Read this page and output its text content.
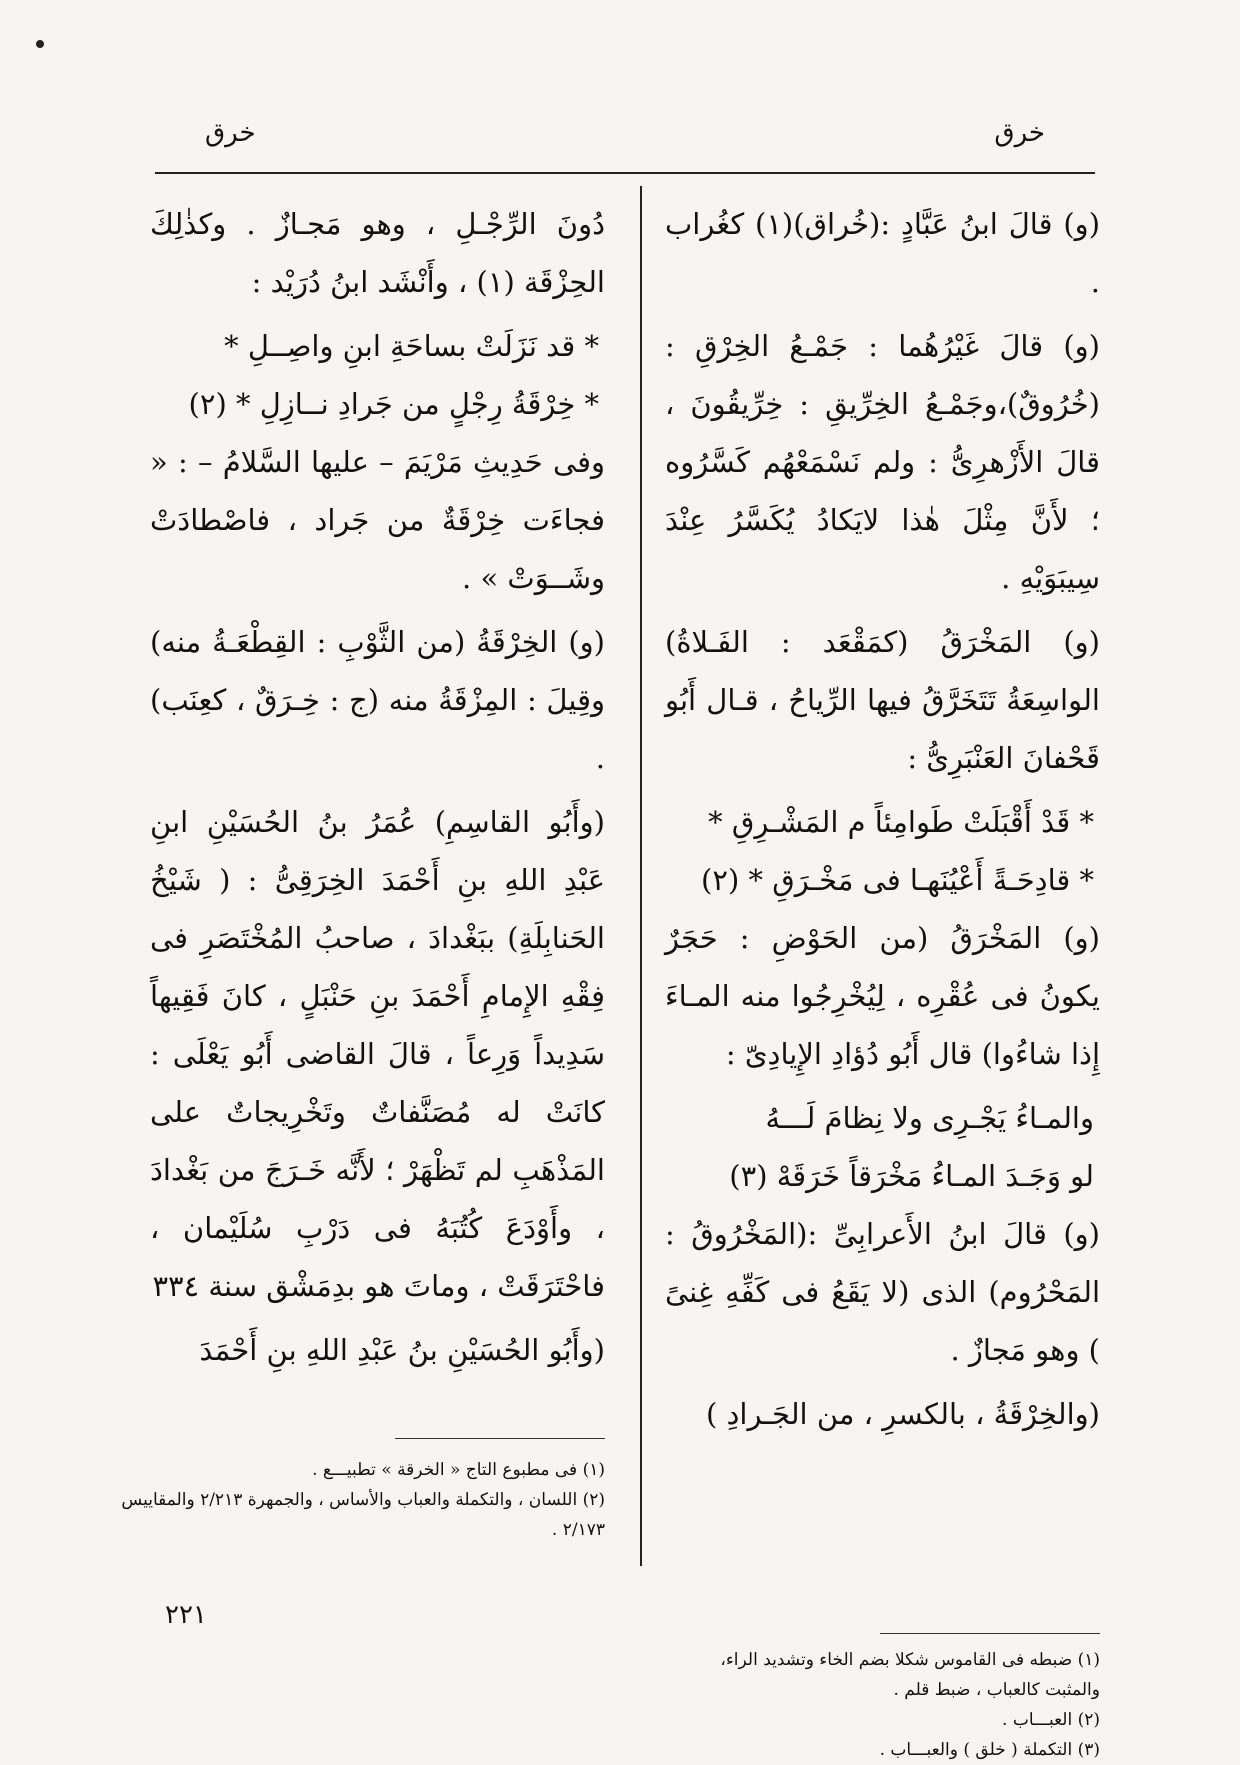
خرق
خرق

(و) قالَ ابنُ عَبَّادٍ :(خُراق)(١) كغُراب .

(و) قالَ غَيْرُهُما : جَمْـعُ الخِرْقِ : (خُرُوقٌ)،وجَمْـعُ الخِرِّيقِ : خِرِّيقُونَ ، قالَ الأَزْهرِىُّ : ولم نَسْمَعْهُم كَسَّرُوه ؛ لأَنَّ مِثْلَ هٰذا لايَكادُ يُكَسَّرُ عِنْدَ سِيبَوَيْهِ .

(و) المَخْرَقُ (كمَقْعَد : الفَـلاةُ) الواسِعَةُ تَتَخَرَّقُ فيها الرِّياحُ ، قـال أَبُو قَحْفانَ العَنْبَرِىُّ :

* قَدْ أَقْبَلَتْ طَوامِئاً م المَشْـرِقِ *
* قادِحَـةً أَعْيُنَهـا فى مَخْـرَقِ * (٢)

(و) المَخْرَقُ (من الحَوْضِ : حَجَرٌ يكونُ فى عُقْرِه ، لِيُخْرِجُوا منه المـاءَ إِذا شاءُوا) قال أَبُو دُؤادِ الإِيادِىّ :

والمـاءُ يَجْـرِى ولا نِظامَ لَـــهُ
لو وَجَـدَ المـاءُ مَخْرَقاً خَرَقَهْ (٣)

(و) قالَ ابنُ الأَعرابِىِّ :(المَخْرُوقُ : المَحْرُوم) الذى (لا يَقَعُ فى كَفِّهِ غِنىً ) وهو مَجازٌ .

(والخِرْقَةُ ، بالكسرِ ، من الجَـرادِ )

دُونَ الرِّجْـلِ ، وهو مَجـازٌ . وكذٰلِكَ الحِزْقَة (١) ، وأَنْشَد ابنُ دُرَيْد :

* قد نَزَلَتْ بساحَةِ ابنِ واصِــلِ *
* خِرْقَةُ رِجْلٍ من جَرادِ نــازِلِ * (٢)

وفى حَدِيثِ مَرْيَمَ – عليها السَّلامُ – : « فجاءَت خِرْقَةٌ من جَراد ، فاصْطادَتْ وشَــوَتْ » .

(و) الخِرْقَةُ (من الثَّوْبِ : القِطْعَـةُ منه) وقِيلَ : المِزْقَةُ منه (ج : خِـرَقٌ ، كعِنَب) .

(وأَبُو القاسِمِ) عُمَرُ بنُ الحُسَيْنِ ابنِ عَبْدِ اللهِ بنِ أَحْمَدَ الخِرَقِىُّ : ( شَيْخُ الحَنابِلَةِ) ببَغْدادَ ، صاحبُ المُخْتَصَرِ فى فِقْهِ الإِمامِ أَحْمَدَ بنِ حَنْبَلٍ ، كانَ فَقِيهاً سَدِيداً وَرِعاً ، قالَ القاضى أَبُو يَعْلَى : كانَتْ له مُصَنَّفاتٌ وتَخْرِيجاتٌ على المَذْهَبِ لم تَظْهَرْ ؛ لأَنَّه خَـرَجَ من بَغْدادَ ، وأَوْدَعَ كُتُبَهُ فى دَرْبِ سُلَيْمان ، فاحْتَرَقَتْ ، وماتَ هو بدِمَشْق سنة ٣٣٤

(وأَبُو الحُسَيْنِ بنُ عَبْدِ اللهِ بنِ أَحْمَدَ

(١) فى مطبوع التاج « الخرقة » تطبيـــع .
(٢) اللسان ، والتكملة والعباب والأساس ، والجمهرة ٢/٢١٣ والمقاييس ٢/١٧٣ .
(١) ضبطه فى القاموس شكلا بضم الخاء وتشديد الراء، والمثبت كالعباب ، ضبط قلم .
(٢) العبـــاب .
(٣) التكملة ( خلق ) والعبـــاب .
٢٢١
